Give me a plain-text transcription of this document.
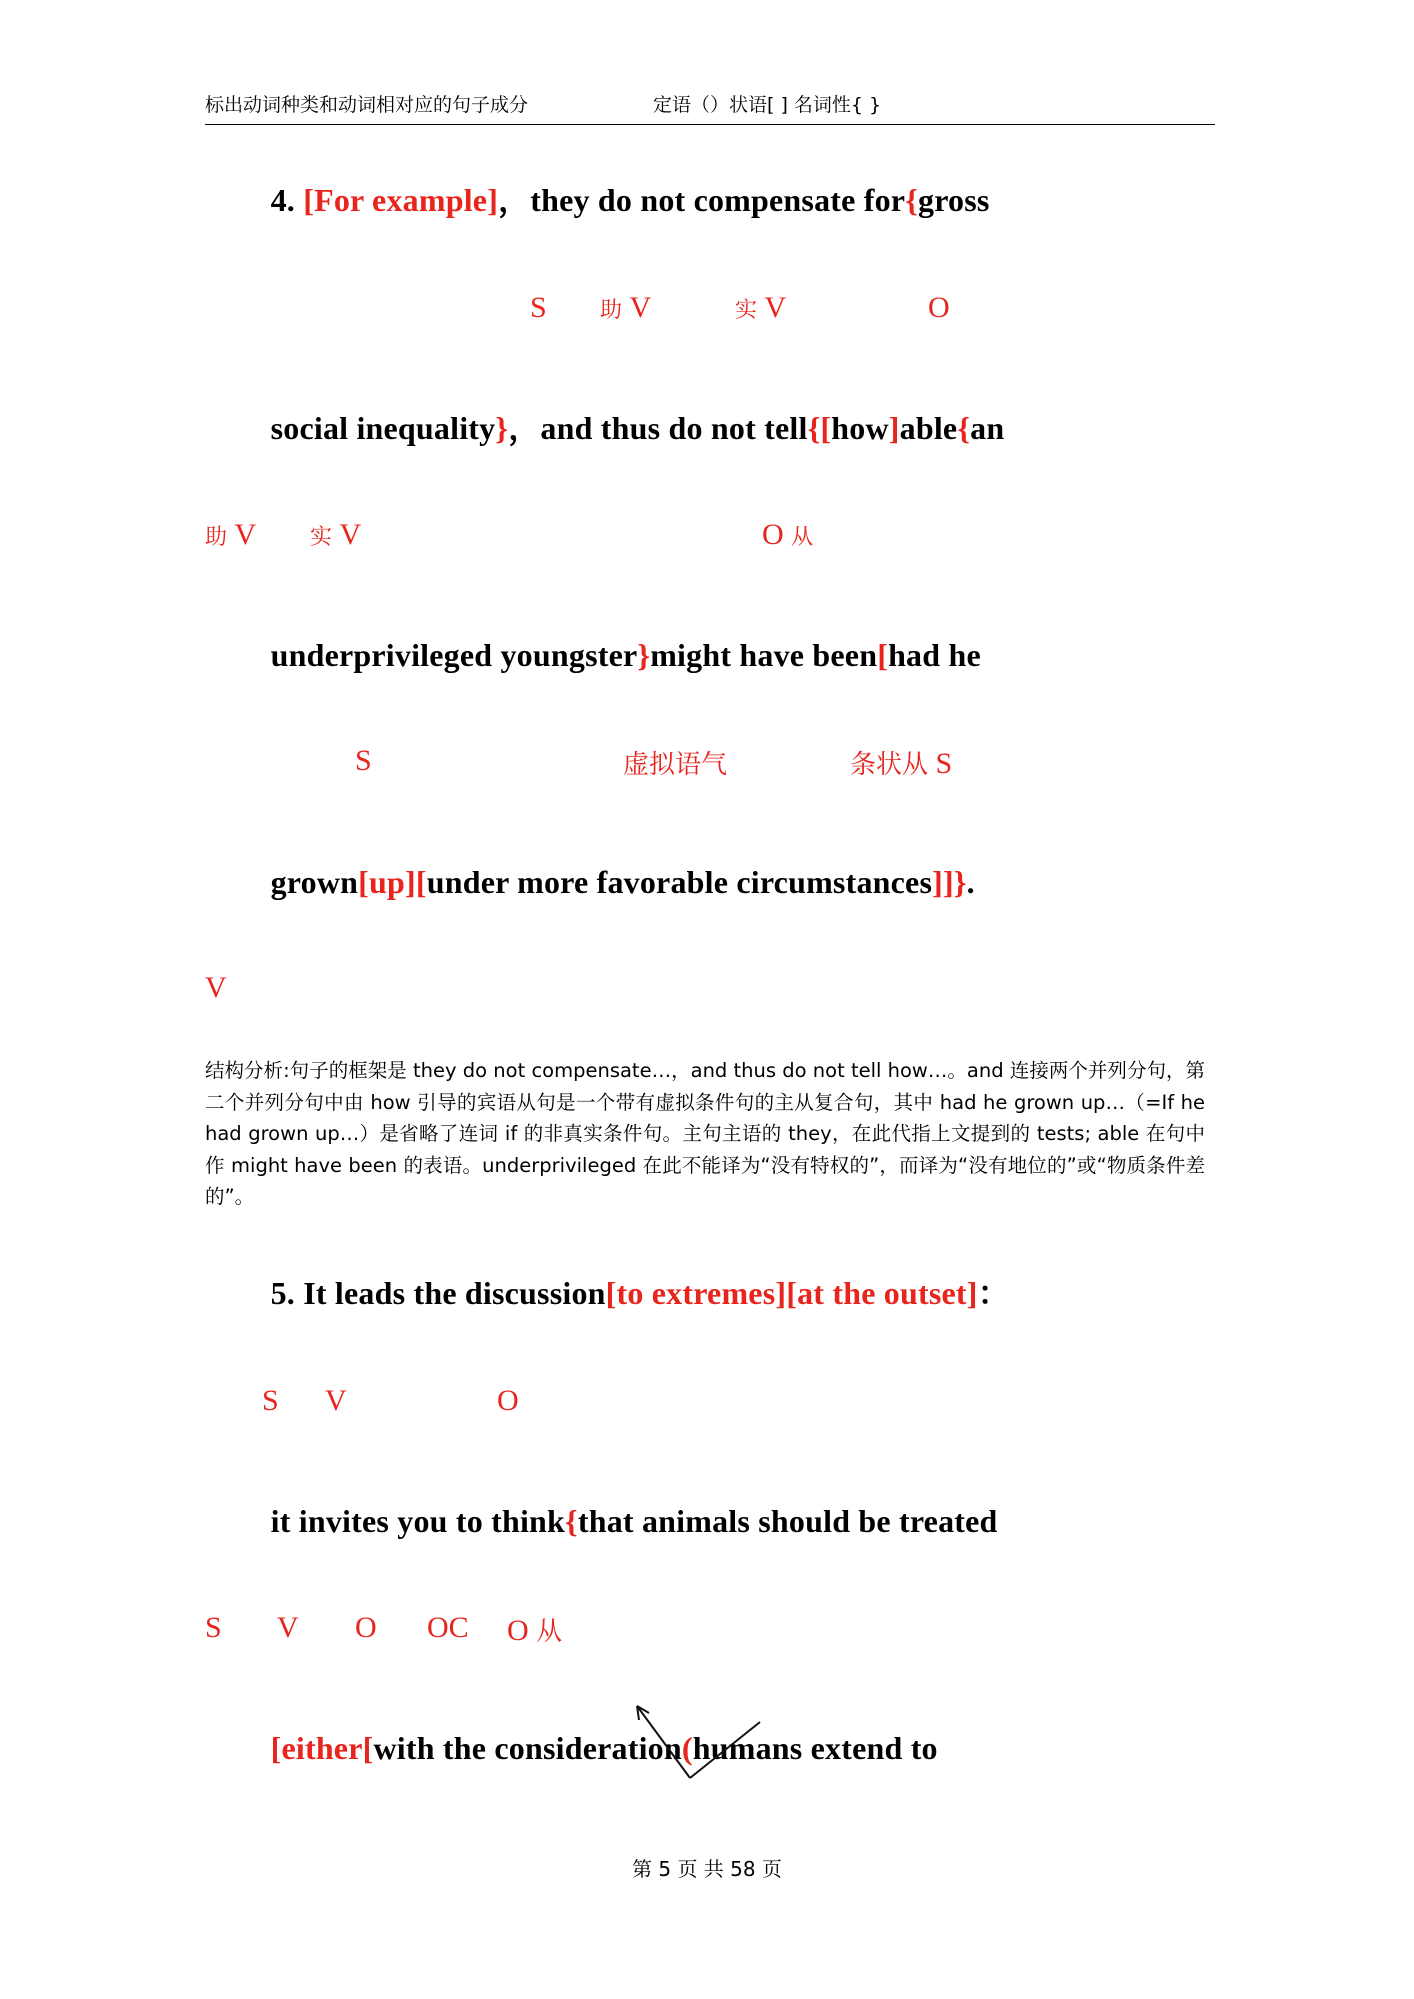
标出动词种类和动词相对应的句子成分	定语（）状语[ ] 名词性{ }

4. [For example]，they do not compensate for{gross

S 助 V	实 V	O

social inequality}，and thus do not tell{[how]able{an

助 V 实 V	O 从

underprivileged youngster}might have been[had he

S	虚拟语气	条状从 S

grown[up][under more favorable circumstances]]}.

V

结构分析:句子的框架是 they do not compensate…，and thus do not tell how…。and 连接两个并列分句，第二个并列分句中由 how 引导的宾语从句是一个带有虚拟条件句的主从复合句，其中 had he grown up…（=If he had grown up…）是省略了连词 if 的非真实条件句。主句主语的 they，在此代指上文提到的 tests; able 在句中作 might have been 的表语。underprivileged 在此不能译为“没有特权的”，而译为“没有地位的”或“物质条件差的”。

5. It leads the discussion[to extremes][at the outset]：

S V	O

it invites you to think{that animals should be treated

S V O OC O 从

[either[with the consideration(humans extend to

第 5 页 共 58 页
